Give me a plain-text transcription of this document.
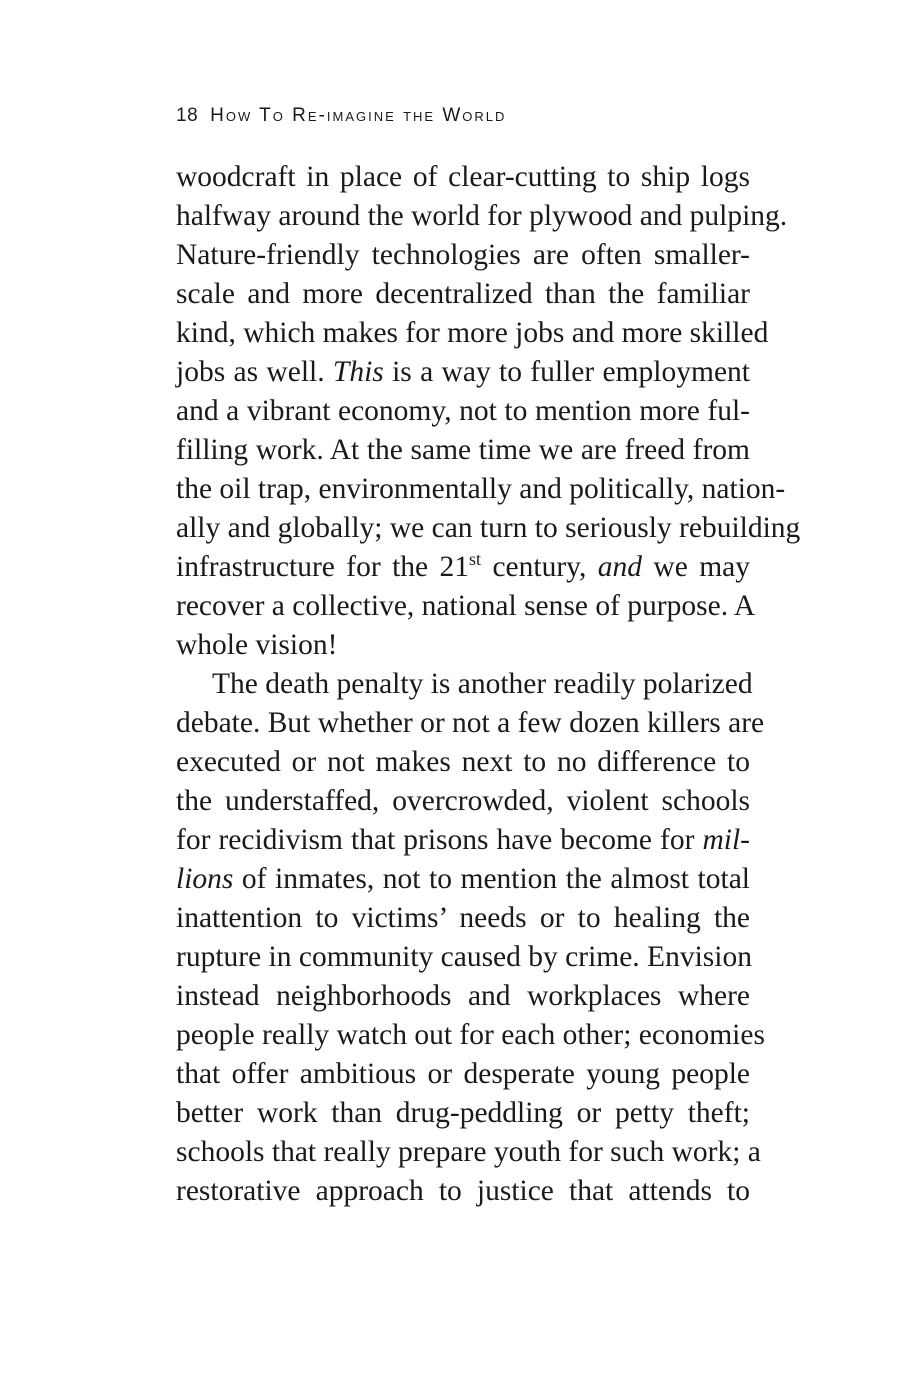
18 How To Re-imagine the World
woodcraft in place of clear-cutting to ship logs
halfway around the world for plywood and pulping.
Nature-friendly technologies are often smaller-
scale and more decentralized than the familiar
kind, which makes for more jobs and more skilled
jobs as well. This is a way to fuller employment
and a vibrant economy, not to mention more ful-
filling work. At the same time we are freed from
the oil trap, environmentally and politically, nation-
ally and globally; we can turn to seriously rebuilding
infrastructure for the 21st century, and we may
recover a collective, national sense of purpose. A
whole vision!
The death penalty is another readily polarized
debate. But whether or not a few dozen killers are
executed or not makes next to no difference to
the understaffed, overcrowded, violent schools
for recidivism that prisons have become for mil-
lions of inmates, not to mention the almost total
inattention to victims’ needs or to healing the
rupture in community caused by crime. Envision
instead neighborhoods and workplaces where
people really watch out for each other; economies
that offer ambitious or desperate young people
better work than drug-peddling or petty theft;
schools that really prepare youth for such work; a
restorative approach to justice that attends to
